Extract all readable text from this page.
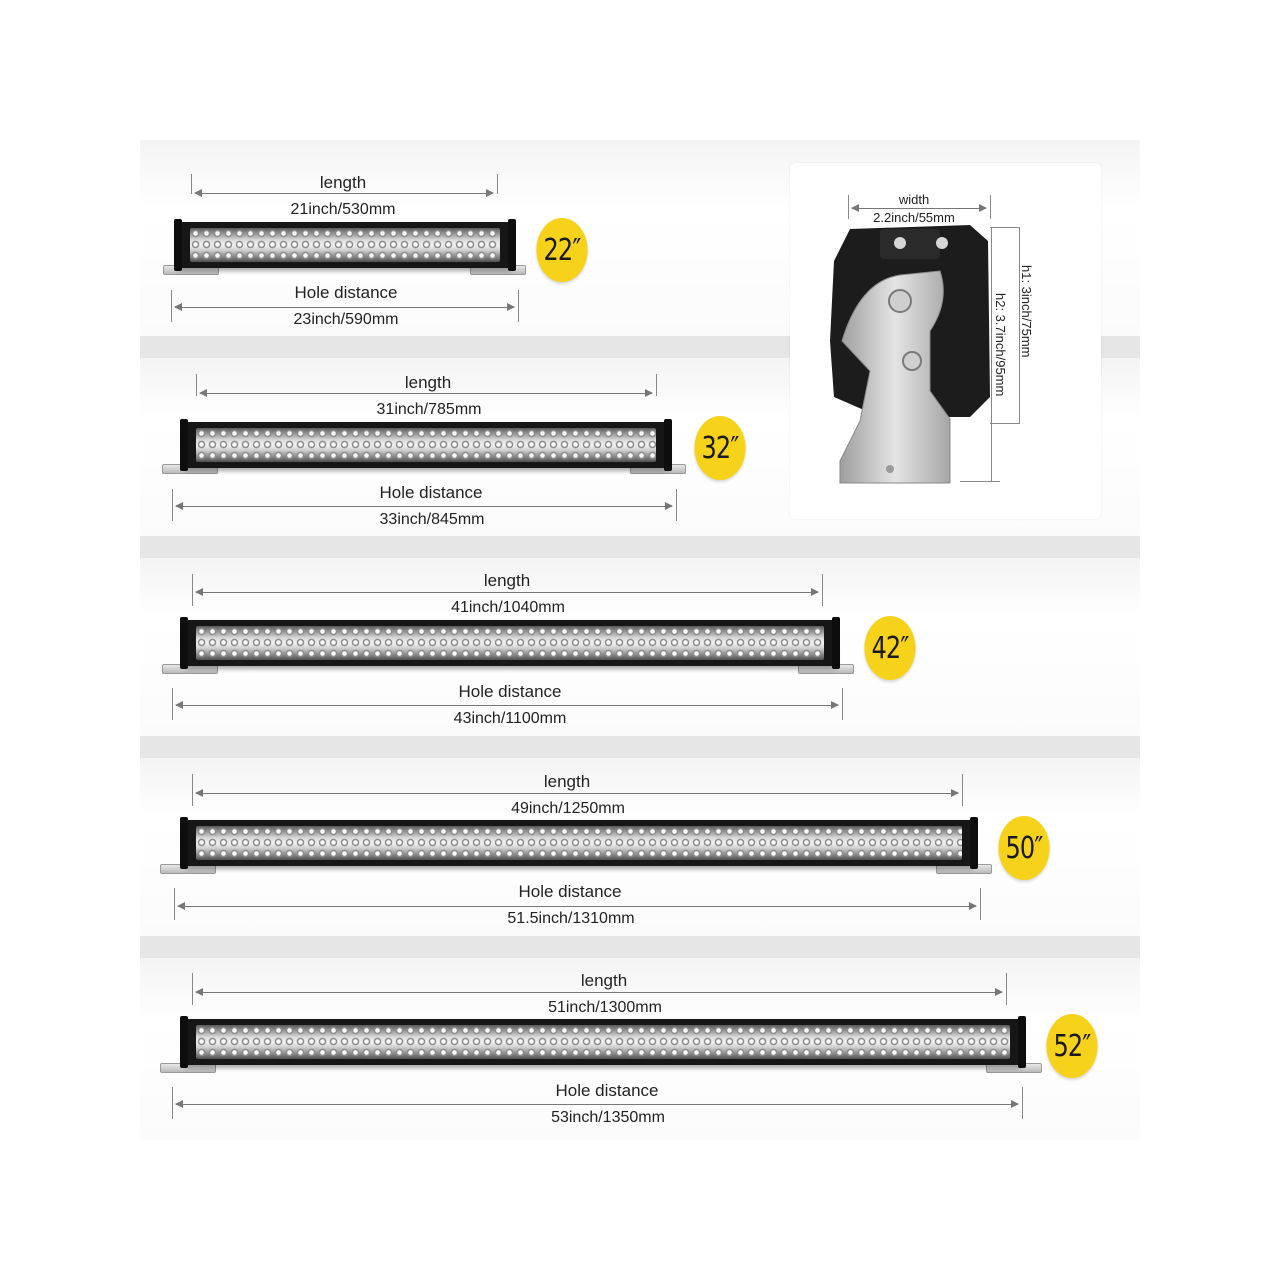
length
21inch/530mm
Hole distance
23inch/590mm
22″
length
31inch/785mm
Hole distance
33inch/845mm
32″
length
41inch/1040mm
Hole distance
43inch/1100mm
42″
length
49inch/1250mm
Hole distance
51.5inch/1310mm
50″
length
51inch/1300mm
Hole distance
53inch/1350mm
52″
width
2.2inch/55mm
h1: 3inch/75mm
h2: 3.7inch/95mm
